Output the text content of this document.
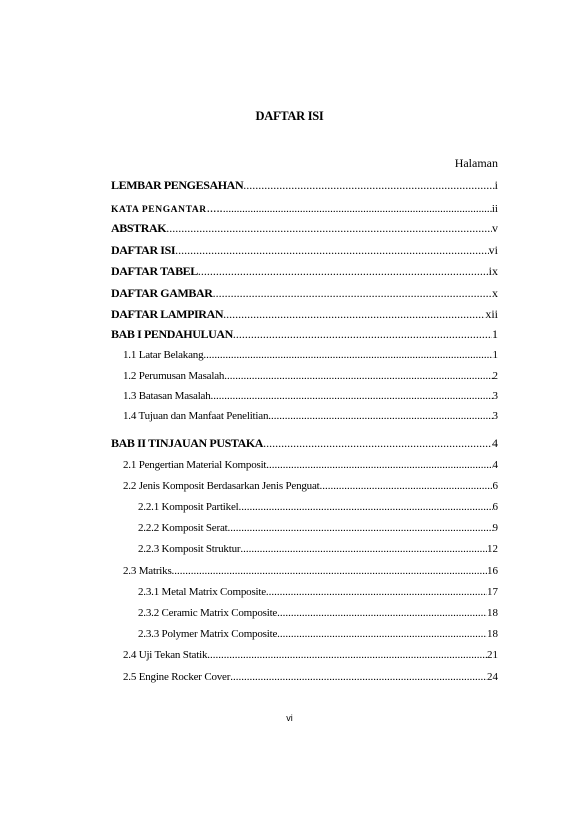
DAFTAR ISI
Halaman
LEMBAR PENGESAHAN .....	i
KATA PENGANTAR….. .....	ii
ABSTRAK .....	v
DAFTAR ISI .....	vi
DAFTAR TABEL .....	ix
DAFTAR GAMBAR .....	x
DAFTAR LAMPIRAN .....	xii
BAB I PENDAHULUAN .....	1
1.1 Latar Belakang .....	1
1.2 Perumusan Masalah .....	2
1.3 Batasan Masalah .....	3
1.4 Tujuan dan Manfaat Penelitian .....	3
BAB II TINJAUAN PUSTAKA .....	4
2.1 Pengertian Material Komposit .....	4
2.2 Jenis Komposit Berdasarkan Jenis Penguat .....	6
2.2.1 Komposit Partikel .....	6
2.2.2 Komposit Serat .....	9
2.2.3 Komposit Struktur .....	12
2.3 Matriks .....	16
2.3.1 Metal Matrix Composite .....	17
2.3.2 Ceramic Matrix Composite .....	18
2.3.3 Polymer Matrix Composite .....	18
2.4 Uji Tekan Statik .....	21
2.5 Engine Rocker Cover .....	24
vi
